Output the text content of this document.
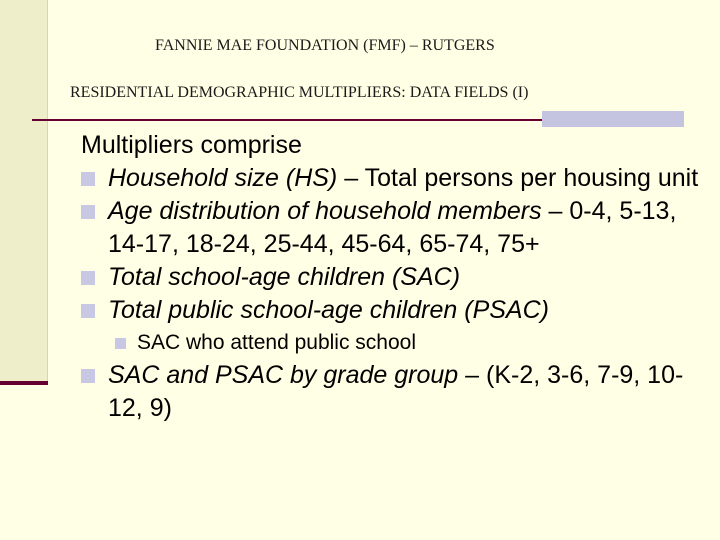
FANNIE MAE FOUNDATION (FMF) – RUTGERS
RESIDENTIAL DEMOGRAPHIC MULTIPLIERS: DATA FIELDS (I)

Multipliers comprise

Household size (HS) – Total persons per housing unit
Age distribution of household members – 0-4, 5-13, 14-17, 18-24, 25-44, 45-64, 65-74, 75+
Total school-age children (SAC)
Total public school-age children (PSAC)
SAC who attend public school
SAC and PSAC by grade group – (K-2, 3-6, 7-9, 10-12, 9)
